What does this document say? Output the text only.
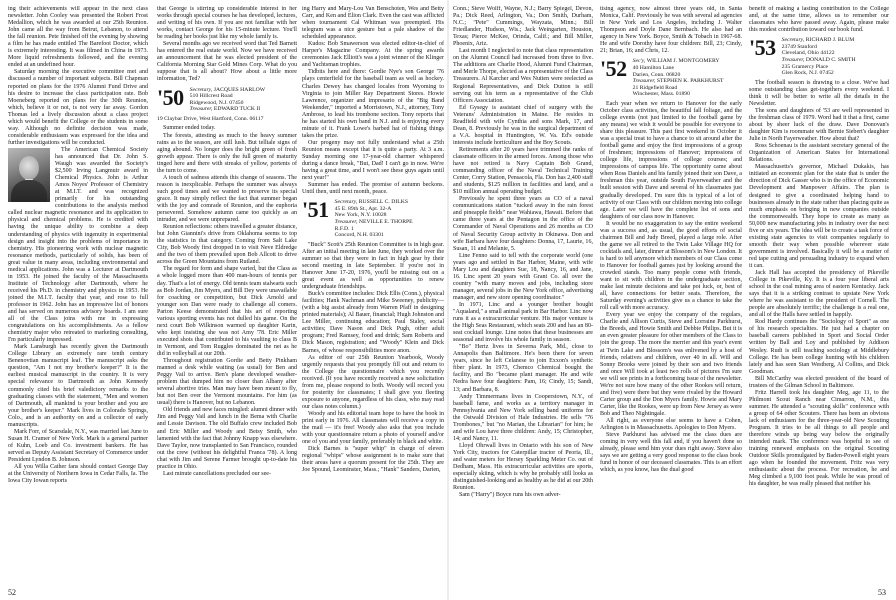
ing their achievements will appear in the next class newsletter. John Cooley was presented the Robert Frost Medallion, which he was awarded at our 25th Reunion. John came all the way from Beirut, Lebanon, to attend the fall reunion. Pete finished off the evening by showing a film he has made entitled The Barefoot Doctor, which is extremely interesting. It was filmed in China in 1973. More liquid refreshments followed, and the evening ended at an undefined hour.

Saturday morning the executive committee met and discussed a number of important subjects. Bill Chapman reported on plans for the 1976 Alumni Fund Drive and his desire to increase the class participation rate. Bob Moeneberg reported on plans for the 30th Reunion, which, believe it or not, is not very far away. Gordon Thomas led a lively discussion about a class project which would benefit the College or the students in some way. Although no definite decision was made, considerable enthusiasm was expressed for the idea and further investigations will be conducted.

The American Chemical Society has announced that Dr. John S. Waugh was awarded the Society's $2,500 Irving Langmuir award in Chemical Physics. John is Arthur Amos Noyes' Professor of Chemistry at M.I.T. and was recognized primarily for his outstanding contributions to the analysis method called nuclear magnetic resonance and its application to physical and chemical problems. He is credited with having the unique ability to combine a deep understanding of physics with ingenuity in experimental design and insight into the problems of importance in chemistry. His pioneering work with nuclear magnetic resonance methods, particularly of solids, has been of great value in many areas, including environmental and medical applications. John was a Lecturer at Dartmouth in 1953. He joined the faculty of the Massachusetts Institute of Technology after Dartmouth, where he received his Ph.D. in chemistry and physics in 1953. He joined the M.I.T. faculty that year, and rose to full professor in 1962. John has an impressive list of honors and has served on numerous advisory boards. I am sure all of the Class joins with me in expressing congratulations on his accomplishments. As a fellow chemistry major who retreated to marketing consulting, I'm particularly impressed.

Mark Lansburgh has recently given the Dartmouth College Library an extremely rare tenth century Benenovtian manuscript leaf. The manuscript asks the question, "Am I not my brother's keeper?" It is the earliest musical manuscript in the country. It is very special relevance to Dartmouth as John Kennedy commonly cited his brief valedictory remarks to the graduating classes with the statement, "Men and women of Dartmouth, all mankind is your brother and you are your brother's keeper." Mark lives in Colorado Springs, Colo., and is an authority on and a collector of early manuscripts.

Mark Forr, of Scarsdale, N.Y., was married last June to Susan H. Cramer of New York. Mark is a general partner of Kuhn, Loeb and Co. investment bankers. He has served as Deputy Assistant Secretary of Commerce under President Lyndon B. Johnson.

All you Willa Cather fans should contact George Day at the University of Northern Iowa in Cedar Falls, Ia. The Iowa City Iowan reports

that George is stirring up considerable interest in her works through special courses he has developed, lectures, and writing of his own. If you are not familiar with her works, contact George for his 15-minute lecture. You'll be reading her books just like my whole family is.

Several months ago we received word that Ted Barnett has entered the real estate world. Now we have received an announcement that he was elected president of the California Morning Star Gold Mines Corp. What do you suppose that is all about? How about a little more information, Ted?

'50 Secretary, JACQUES HARLOW
510 Hillcrest Road
Ridgewood, N.J. 07450
Treasurer, EDWARD TUCK II
19 Claybar Drive, West Hartford, Conn. 06117

Summer ended today.

The forests, attesting as much to the heavy summer rains as to the season, are still lush. But telltale signs of aging abound. No longer does the bright green of fresh growth appear. There is only the full green of maturity tinged here and there with streaks of yellow, portents of the turn to come.

A touch of sadness attends this change of seasons. The reason is inexplicable. Perhaps the summer was always such good times and we wanted to preserve its special grace. It may simply reflect the fact that summer began with the joy and comrade of Reunion, and the euphoria persevered. Somehow autumn came too quickly as an intruder, and we were unprepared.

Reunion reflections: others travelled a greater distance, but John Giannini's drive from Oklahoma seems to top the statistics in that category. Coming from Salt Lake City, Bob Woody first dropped in to visit Neve Eldredge and the two of them prevailed upon Bob Allcott to drive across the Green Mountains from Rutland.

The regard for form and shape varied, but the Class as a whole logged more than 400 man-hours of tennis per day. That's a lot of energy. Old tennis team stalwarts such as Bob Jordan, Jim Myers, and Bill Dey were unavailable for coaching or competition, but Dick Arnold and younger son Dan were ready to challenge all comers. Parton Keese demonstrated that his art of reporting various sporting events has not dulled his game. On the next court Bob Wilkinson warmed up daughter Karin, who kept insisting she was not Amy '78. Eric Miller executed shots that contributed to his vaulting to class B in Vermont, and Tom Ruggles dominated the net as he did in volleyball at our 20th.

Throughout registration Gordie and Betty Pinkham manned a desk while waiting (as usual) for Ben and Peggy Vail to arrive. Ben's plane developed weather-problem that dumped him no closer than Albany after several abortive tries. Man may have been meant to fly, but not Ben over the Vermont mountains. For him (as usual) there is Hanover, but no Lebanon.

Old friends and new faces mingled: alumni dinner with Jim and Peggy Vail and lunch in the Bema with Charlie and Lessie Davison. The old Buffalo crew included Bob and Eric Miller and Woody and Betsy Smith, who lamented with the fact that Johnny Knapp was elsewhere. Dave Taylor, now transplanted to San Francisco, rounded out the crew (without his delightful Franca '78). A long chat with Jim and Serene Farmer brought up-to-date his practice in Ohio.

Last minute cancellations precluded our see-

ing Harry and Mary-Lou Van Benschoten, Wes and Betty Carr, and Ken and Elion Clark. Even the cast was afflicted when tournament Cal Whitman was preempted. His telegram was a nice gesture but a pale shadow of the scheduled appearance.

Kudos: Bob Smawerson was elected editor-in-chief of Harper's Magazine Company. At the spring awards ceremonies Jack Elliott's was a joint winner of the Klinger and Yachtsman trophies.

Tidbits here and there: Gordie Nye's son George '76 plays centerfield for the baseball team as well as hockey. Charles Dewey has changed locales from Wyoming to Virginia to join Miller Ray Department Stores. Howie Lawrence, organizer and impresario of the "Big Band Weekender," imported a Morristown, N.J., attorney, Tony Ambrose, to lead his trombone section. Tony reports that he has started his own band in N.J. and is enjoying every minute of it. Frank Lowe's barbed hat of fishing things takes the prize.

Our progeny may not fully understand what a 25th Reunion means except that it is quite a party. At 3 a.m. Sunday morning one 17-year-old charmer whispered during a dance break, "But, Dad! I can't go in now. We're having a great time, and I won't see these guys again until next year!"

Summer has ended. The promise of autumn beckons. Until then, until next month, peace.

'51 Secretary, RUSSELL C. DILKS
45 E. 89th St., Apt. 32-A
New York, N.Y. 10028
Treasurer, NEVILLE E. THORPE
R.F.D. 1
Concord, N.H. 03301

"Buck" Scott's 25th Reunion Committee is in high gear. After an initial meeting in late June, they worked over the summer so that they were in fact in high gear by their second meeting in late September. If you're not in Hanover June 17-20, 1976, you'll be missing out on a great event as well as opportunities to renew undergraduate friendships.

Buck's committee includes: Dick Ellis (Conn.), physical facilities; Hank Nachman and Mike Sweeney, publicity—(with a big assist already from Warren Pfaff in designing printed materials); Al Bauer, financial; Hugh Johnston and Lee Miller, continuing education; Paul Staley, social activities; Dave Nason and Dick Pugh, other adult program; Fred Ramsey, food and drink; Sam Roberts and Dick Mason, registration; and "Woody" Klein and Dick Barnes, of whose responsibilities more anon.

As editor of our 25th Reunion Yearbook, Woody urgently requests that you promptly fill out and return to the College the questionnaire which you recently received. (If you have recently received a new solicitation from me, please respond to both. Woody will record you for posterity for classmates; I shall give you fleeting exposure to anyone, regardless of his class, who may read our class notes column.)

Woody and his editorial team hope to have the book in print early in 1976. All classmates will receive a copy in the mail — it's free! Woody also asks that you include with your questionnaire return a photo of yourself and/or one of you and your family, preferably in black and white.

Dick Barnes is "super whip" in charge of eleven regional "whips" whose assignment is to make sure that their areas have a quorum present for the 25th. They are Joe Spound, Leominster, Mass.; "Hank" Sanders, Darien,

Conn.; Steve Wolff, Wayne, N.J.; Barry Spiegel, Devon, Pa.; Dick Reed, Arlington, Va.; Don Smith, Durham, N.C.; "Pete" Cummings, Wayzata, Minn.; Bill Friedlander, Hudson, Wis.; Jack Weingarten, Houston, Texas; Pierce McKee, Orinda, Calif.; and Bill Miller, Phoenix, Ariz.

Last month I neglected to note that class representation on the Alumni Council had increased from three to five. The additions are Charlie Hood, Alumni Fund Chairman, and Merle Thorpe, elected as a representative of the Class Treasurers. Al Karcher and Wes Nutten were reelected as Regional Representatives, and Dick Dutton is still serving out his term as a representative of the Club Officers Association.

Ed Gysegy is assistant chief of surgery with the Veterans' Administration in Maine. He resides in Readfield with wife Cynthia and sons Mark, 17, and Dean, 8. Previously he was in the surgical department of a V.A. hospital in Huntington, W. Va. Ed's outside interests include horticulture and the Boy Scouts.

Retirements after 20 years have trimmed the ranks of classmate officers in the armed forces. Among those who have not retired is Navy Captain Bob Grand, commanding officer of the Naval Technical Training Center, Corry Station, Pensacola, Fla. Don has 2,400 staff and students, $125 million in facilities and land, and a $10 million annual operating budget.

Previously he spent three years as CO of a naval communications station "tucked away in the rain forest and pineapple fields" near Wahiawa, Hawaii. Before that came three years at the Pentagon in the office of the Commander of Naval Operations and 26 months as CO of Naval Security Group activity in Okinawa. Don and wife Barbara have four daughters: Donna, 17, Laurie, 16, Susan, 11 and Melanie, 5.

Line Fenno said to tell with the corporate world (one years ago and settled in Bar Harbor, Maine, with wife Mary Lou and daughters Sue, 18, Nancy, 16, and Jane, 16. Linc spent 20 years with Grant Co. all over the country "with many moves and jobs, including store manager, several jobs in the New York office, advertising manager, and new store opening coordinator."

In 1971, Linc and a younger brother bought "Aqualand," a small animal park in Bar Harbor. Linc now runs it as a extracurricular venture. His major venture is the High Seas Restaurant, which seats 200 and has an 80-seat cocktail lounge. Line notes that these businesses are seasonal and involve his whole family in season.

"Bo" Hertz lives in Severna Park, Md., close to Annapolis than Baltimore. He's been there for seven years, since he left Celanese to join Exxon's synthetic fiber plant. In 1973, Chemco Chemical bought the facility, and Bo "became plant manager. He and wife Nedra have four daughters: Pam, 16; Cindy, 15; Sandi, 13; and Barbara, 8.

Andy Timmermans lives in Cooperstown, N.Y., of baseball fame, and works as a territory manager in Pennsylvania and New York selling band uniforms for the Ostwald Division of Hale Industries. He sells "76 Trombones," but "no Marian, the Librarian" for him; he and wife Lou have three children: Andy, 15; Christopher, 14; and Nancy, 11.

Lloyd Ohrwall lives in Ontario with his son of New York City, tractors for Caterpillar tractor of Peoria, Ill., and water meters for Hersey Sparkling Meter Co. out of Dedham, Mass. His extracurricular activities are sports, especially skiing, which is why he probably still looks as distinguished-looking and as healthy as he did at our 20th Reunion.

Sam ("Harry") Boyce runs his own adver-

tising agency, now almost three years old, in Santa Monica, Calif. Previously he was with several ad agencies in New York and Los Angeles, including J. Walter Thompson and Doyle Dane Bernbach. He also had an agency in New York. Boyce, Smith & Tobach in 1967-68. He and wife Dorothy have four children: Bill, 23; Cindy, 21; Brian, 16; and Chris, 12.

'52 Sec'y, WILLIAM J. MONTGOMERY
40 Hamilton Lane
Darien, Conn. 06820
Treasurer, STEPHEN K. PARKHURST
21 Ridgefield Road
Winchester, Mass. 01890

Each year when we return to Hanover for the early October class activities, the beautiful fall foliage, and the college events (not just limited to the football game by any means) we wish it would be possible for everyone to share this pleasure. This past first weekend in October it was a special treat to have a chance to sit around after the football game and enjoy the first impressions of a group of freshmen; impressions of Hanover; impressions of college life, impressions of college courses; and impressions of campus life. The opportunity came about when Ross Daniels and his family joined their son Dave, a freshman this year, outside South Fayerweather and the built session with Dave and several of his classmates just gradually developed. I'm sure this is typical of a lot of activity of our Class with our children moving into college age. Later we will have the complete list of sons and daughters of our class now in Hanover.

It would be no exaggeration to say the entire weekend was a success and, as usual, the good efforts of social chairmen Bill and Judy Breed, played a large role. After the game we all retired to the Twin Lake Village HQ for cocktails and, later, dinner at Blossom's in New London. It is hard to tell anymore which members of our Class come to Hanover for football games just by looking around the crowded stands. Too many people come with friends, want to sit with children in the undergraduate section, make last minute decisions and take pot luck, or, best of all, have connections for better seats. Therefore, the Saturday evening's activities give us a chance to take the roll call with more accuracy.

Every year we enjoy the company of the regulars, Charlie and Allison Curtis, Steve and Lorraine Parkhurst, the Breeds, and Howie Smith and Debbie Philips. But it is an even greater pleasure for other members of the Class to join the group. The more the merrier and this year's event at Twin Lake and Blossom's was enlivened by a host of friends, relatives and children, over 40 in all. Will and Sonny Brooks were joined by their son and two friends and once Will took at least two rolls of pictures I'm sure we will see prints in a forthcoming issue of the newsletter. We're not sure how many of the other Rookes will return, and five) were there but they were rivaled by the Howard Carter group and the Don Myers family. Howie and Mary Carter, like the Rookes, were up from New Jersey as were Bob and Theo Nightingale.

All right, as everyone else seems to have a Cohen, Arlington is in Massachusetts. Apologies to Don Myers.

Steve Parkhurst has advised me the class dues are coming in very well this fall and, if you haven't done so already, please send him your dues right away. Steve also says we are getting a very good response to the class book fund in honor of our deceased classmates. This is an effort which, as you know, has the dual good

benefit of making a lasting contribution to the College and, at the same time, allows us to remember our classmates who have passed away. Again, please make this modest contribution toward our book fund.

'53 Secretary, RICHARD J. BLUM
23749 Stanford
Cleveland, Ohio 44122
Treasurer, DONALD C. SMITH
235 Gramercy Place
Glen Rock, N.J. 07452

The football season is drawing to a close. We've had some outstanding class get-togethers every weekend. I think it will be better to write all the details in the Newsletter.

The sons and daughters of '53 are well represented in the freshman class of 1979. Word had it that a first, came about by sheer luck of the draw. Dave Donovan's daughter Kim is roommate with Bernie Siebert's daughter Julie in North Fayerweather. How about that?

Ross Schoenau is the assistant secretary general of the Organization of American States for International Relations.

Massachusetts's governor, Michael Dukakis, has initiated an economic plan for the state that is under the direction of Dick Gasser who is in the office of Economic Development and Manpower Affairs. The plan is designed to give a coordinated helping hand to businesses already in the state rather than placing quite as much emphasis on bringing in new companies outside the commonwealth. They hope to create as many as 50,000 new manufacturing jobs in industry over the next five or six years. The idea will be to create a task force of existing state agencies to visit companies regularly to smooth their way when possible wherever state government is involved. Basically it will be a matter of red tape cutting and persuading industry to expand when it can.

Jack Hall has accepted the presidency of Pikeville College in Pikeville, Ky. It is a four year liberal arts school in the coal mining area of eastern Kentucky. Jack says that it is a striking contrast to upstate New York where he was assistant to the president of Cornell. The people are absolutely terrific; the challenge is a real one, and all of the Halls have settled in happily.

Rod Hardy continues the "Sociology of Sport" as one of his research specialties. He just had a chapter on baseball careers published in Sport and Social Order written by Ball and Loy and published by Addison Wesley. Rudi is still teaching sociology at Middlebury College. He has been college hunting with his children lately and has seen Stan Westberg, Al Collins, and Dick Goodman.

Bill McCarthy was elected president of the board of trustees of the Gilman School in Baltimore.

Fritz Harrell took his daughter Meg, age 11, to the Philmont Scout Ranch near Cimarron, N.M., this summer. He attended a "scouting skills" conference with a group of 64 other Scouters. There has been an obvious lack of enthusiasm for the three-year-old New Scouting Program. It tries to be all things to all people and therefore winds up being way below the originally intended mark. The conference was hopeful to see of training renewed emphasis on the original Scouting Outdoor Skills promulgated by Baden-Powell eight years ago when he founded the movement. Fritz was very enthusiastic about the process. For recreation, he and Meg climbed a 9,100 foot peak. While he was proud of his daughter, he was really pleased that neither his

52	53
